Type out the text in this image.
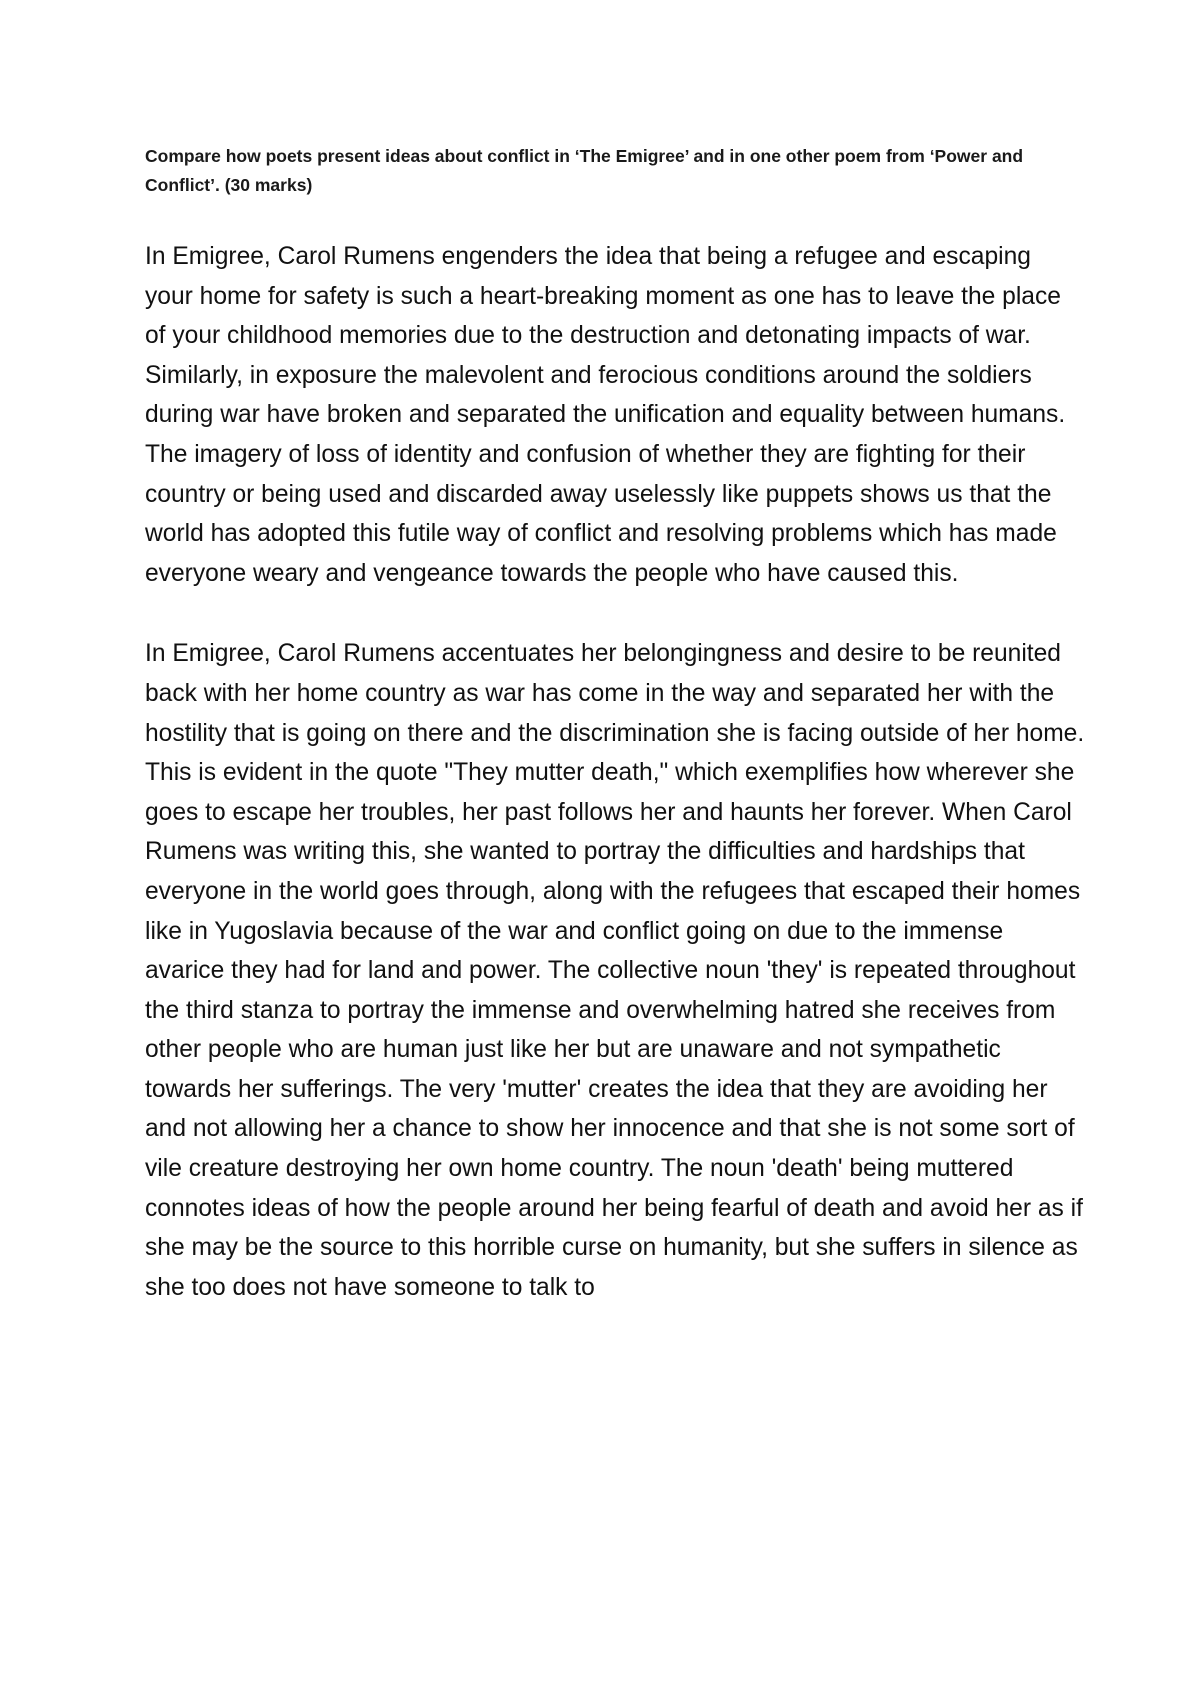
Compare how poets present ideas about conflict in ‘The Emigree’ and in one other poem from ‘Power and Conflict’. (30 marks)

In Emigree, Carol Rumens engenders the idea that being a refugee and escaping your home for safety is such a heart-breaking moment as one has to leave the place of your childhood memories due to the destruction and detonating impacts of war. Similarly, in exposure the malevolent and ferocious conditions around the soldiers during war have broken and separated the unification and equality between humans. The imagery of loss of identity and confusion of whether they are fighting for their country or being used and discarded away uselessly like puppets shows us that the world has adopted this futile way of conflict and resolving problems which has made everyone weary and vengeance towards the people who have caused this.

In Emigree, Carol Rumens accentuates her belongingness and desire to be reunited back with her home country as war has come in the way and separated her with the hostility that is going on there and the discrimination she is facing outside of her home. This is evident in the quote "They mutter death," which exemplifies how wherever she goes to escape her troubles, her past follows her and haunts her forever. When Carol Rumens was writing this, she wanted to portray the difficulties and hardships that everyone in the world goes through, along with the refugees that escaped their homes like in Yugoslavia because of the war and conflict going on due to the immense avarice they had for land and power. The collective noun 'they' is repeated throughout the third stanza to portray the immense and overwhelming hatred she receives from other people who are human just like her but are unaware and not sympathetic towards her sufferings. The very 'mutter' creates the idea that they are avoiding her and not allowing her a chance to show her innocence and that she is not some sort of vile creature destroying her own home country. The noun 'death' being muttered connotes ideas of how the people around her being fearful of death and avoid her as if she may be the source to this horrible curse on humanity, but she suffers in silence as she too does not have someone to talk to
